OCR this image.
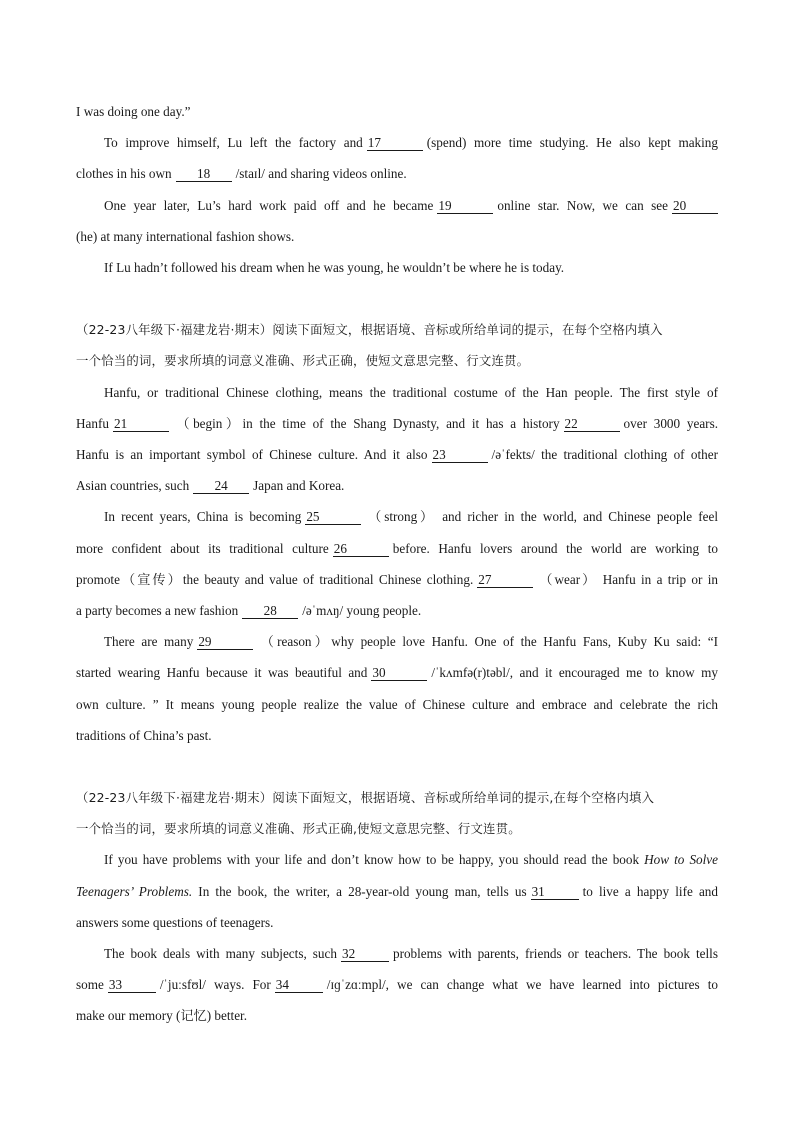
I was doing one day.”
To improve himself, Lu left the factory and 17	(spend) more time studying. He also kept making
clothes in his own 18 /staɪl/ and sharing videos online.
One year later, Lu’s hard work paid off and he became 19	online star. Now, we can see 20
(he) at many international fashion shows.
If Lu hadn’t followed his dream when he was young, he wouldn’t be where he is today.
（22-23八年级下·福建龙岩·期末）阅读下面短文，根据语境、音标或所给单词的提示，在每个空格内填入
一个恰当的词，要求所填的词意义准确、形式正确，使短文意思完整、行文连贯。
Hanfu, or traditional Chinese clothing, means the traditional costume of the Han people. The first style of
Hanfu 21	（begin）in the time of the Shang Dynasty, and it has a history 22	over 3000 years.
Hanfu is an important symbol of Chinese culture. And it also 23	/əˈfekts/ the traditional clothing of other
Asian countries, such 24 Japan and Korea.
In recent years, China is becoming 25	（strong） and richer in the world, and Chinese people feel
more confident about its traditional culture 26	before. Hanfu lovers around the world are working to
promote（宣传）the beauty and value of traditional Chinese clothing. 27	（wear） Hanfu in a trip or in
a party becomes a new fashion 28 /əˈmʌŋ/ young people.
There are many 29	（reason）why people love Hanfu. One of the Hanfu Fans, Kuby Ku said: “I
started wearing Hanfu because it was beautiful and 30	/ˈkʌmfə(r)təbl/, and it encouraged me to know my
own culture. ” It means young people realize the value of Chinese culture and embrace and celebrate the rich
traditions of China’s past.
（22-23八年级下·福建龙岩·期末）阅读下面短文，根据语境、音标或所给单词的提示,在每个空格内填入
一个恰当的词，要求所填的词意义准确、形式正确,使短文意思完整、行文连贯。
If you have problems with your life and don’t know how to be happy, you should read the book How to Solve
Teenagers’ Problems. In the book, the writer, a 28-year-old young man, tells us 31	to live a happy life and
answers some questions of teenagers.
The book deals with many subjects, such 32	problems with parents, friends or teachers. The book tells
some 33	/ˈjuːsfʊl/ ways. For 34	/ɪɡˈzɑːmpl/, we can change what we have learned into pictures to
make our memory (记忆) better.
